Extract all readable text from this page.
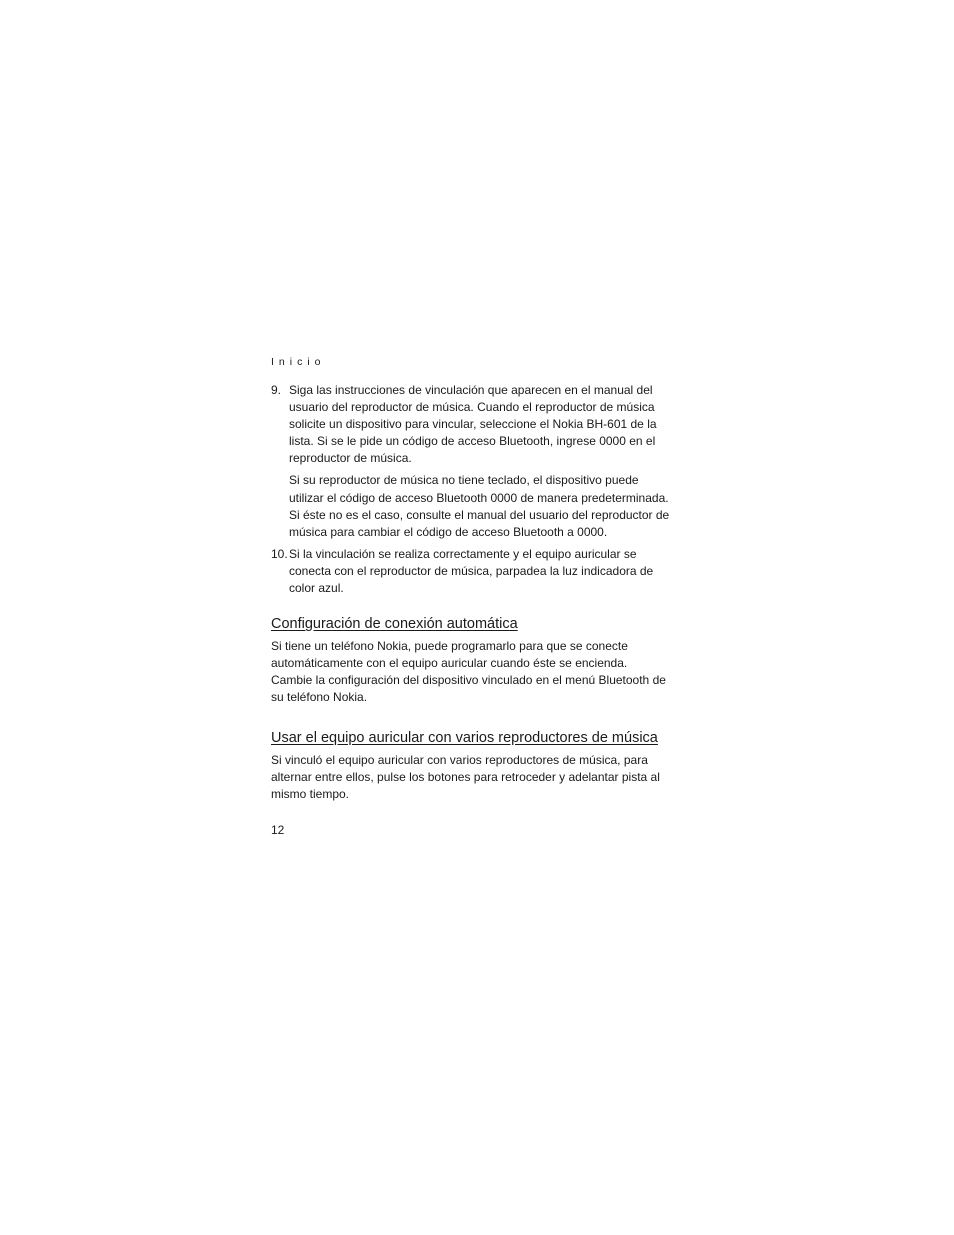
Inicio
9. Siga las instrucciones de vinculación que aparecen en el manual del usuario del reproductor de música. Cuando el reproductor de música solicite un dispositivo para vincular, seleccione el Nokia BH-601 de la lista. Si se le pide un código de acceso Bluetooth, ingrese 0000 en el reproductor de música.

Si su reproductor de música no tiene teclado, el dispositivo puede utilizar el código de acceso Bluetooth 0000 de manera predeterminada. Si éste no es el caso, consulte el manual del usuario del reproductor de música para cambiar el código de acceso Bluetooth a 0000.

10. Si la vinculación se realiza correctamente y el equipo auricular se conecta con el reproductor de música, parpadea la luz indicadora de color azul.

Configuración de conexión automática

Si tiene un teléfono Nokia, puede programarlo para que se conecte automáticamente con el equipo auricular cuando éste se encienda. Cambie la configuración del dispositivo vinculado en el menú Bluetooth de su teléfono Nokia.

Usar el equipo auricular con varios reproductores de música

Si vinculó el equipo auricular con varios reproductores de música, para alternar entre ellos, pulse los botones para retroceder y adelantar pista al mismo tiempo.

12
